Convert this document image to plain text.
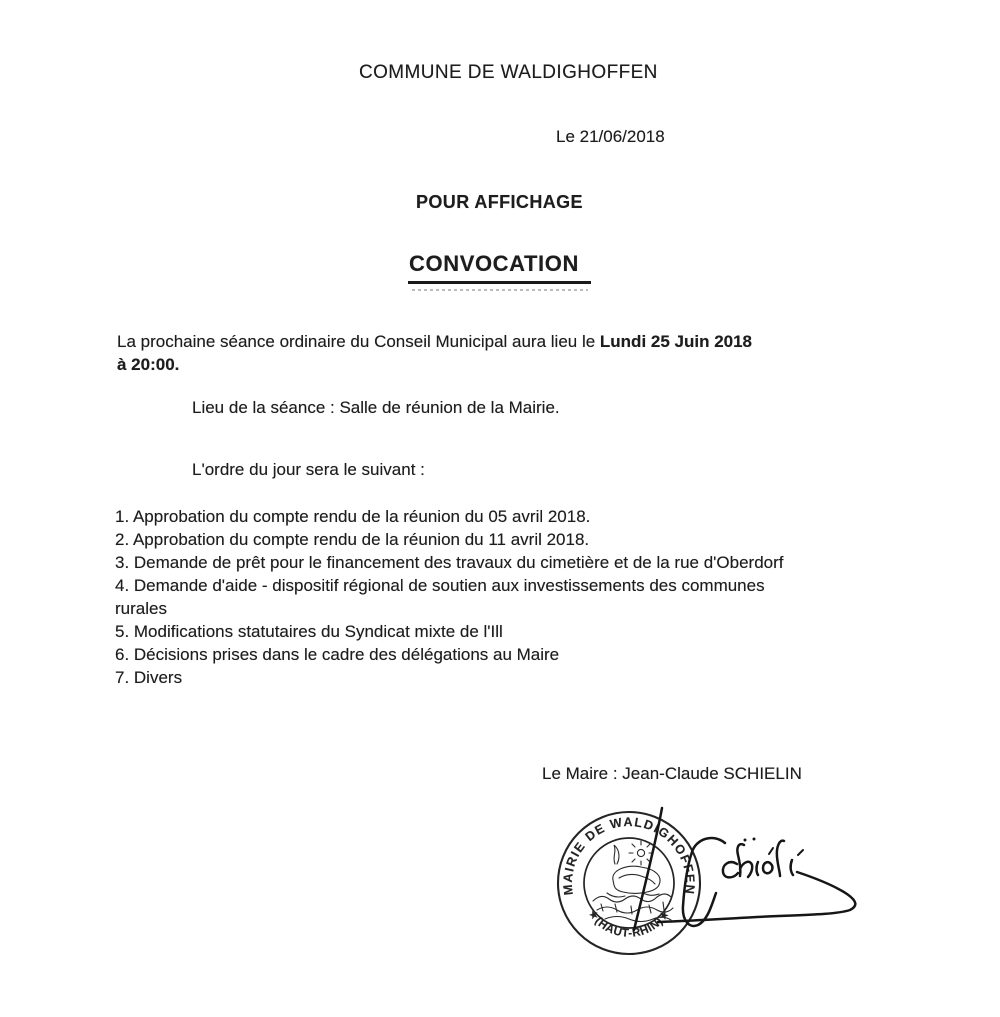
COMMUNE DE WALDIGHOFFEN
Le 21/06/2018
POUR AFFICHAGE
CONVOCATION
La prochaine séance ordinaire du Conseil Municipal aura lieu le Lundi 25 Juin 2018
à 20:00.
Lieu de la séance : Salle de réunion de la Mairie.
L'ordre du jour sera le suivant :
1. Approbation du compte rendu de la réunion du 05 avril 2018.
2. Approbation du compte rendu de la réunion du 11 avril 2018.
3. Demande de prêt pour le financement des travaux du cimetière et de la rue d'Oberdorf
4. Demande d'aide - dispositif régional de soutien aux investissements des communes
rurales
5. Modifications statutaires du Syndicat mixte de l'Ill
6. Décisions prises dans le cadre des délégations au Maire
7. Divers
Le Maire : Jean-Claude SCHIELIN
MAIRIE DE WALDIGHOFFEN
★(HAUT-RHIN)★
